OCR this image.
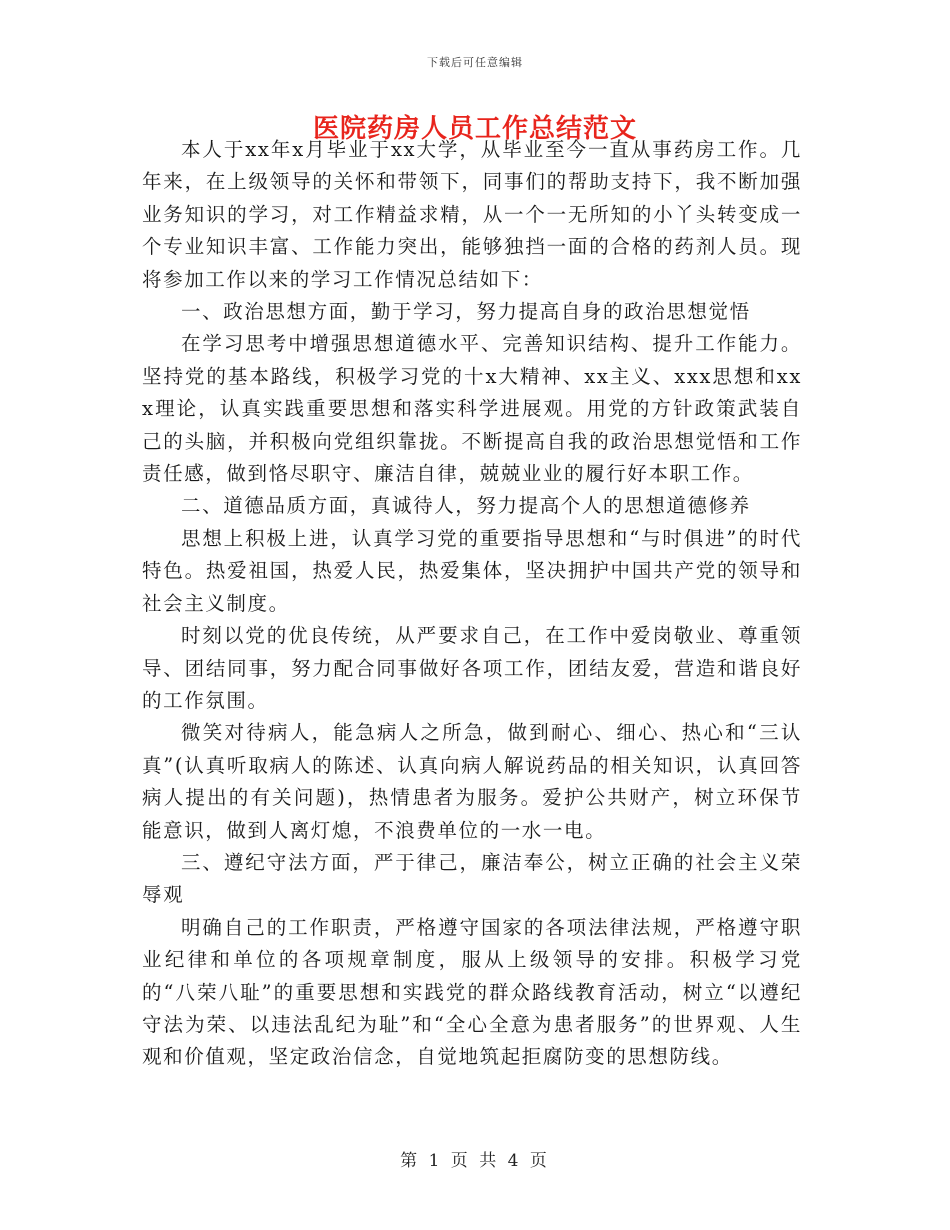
下载后可任意编辑
医院药房人员工作总结范文

本人于xx年x月毕业于xx大学，从毕业至今一直从事药房工作。几年来，在上级领导的关怀和带领下，同事们的帮助支持下，我不断加强业务知识的学习，对工作精益求精，从一个一无所知的小丫头转变成一个专业知识丰富、工作能力突出，能够独挡一面的合格的药剂人员。现将参加工作以来的学习工作情况总结如下：

一、政治思想方面，勤于学习，努力提高自身的政治思想觉悟

在学习思考中增强思想道德水平、完善知识结构、提升工作能力。坚持党的基本路线，积极学习党的十x大精神、xx主义、xxx思想和xxx理论，认真实践重要思想和落实科学进展观。用党的方针政策武装自己的头脑，并积极向党组织靠拢。不断提高自我的政治思想觉悟和工作责任感，做到恪尽职守、廉洁自律，兢兢业业的履行好本职工作。

二、道德品质方面，真诚待人，努力提高个人的思想道德修养

思想上积极上进，认真学习党的重要指导思想和“与时俱进”的时代特色。热爱祖国，热爱人民，热爱集体，坚决拥护中国共产党的领导和社会主义制度。

时刻以党的优良传统，从严要求自己，在工作中爱岗敬业、尊重领导、团结同事，努力配合同事做好各项工作，团结友爱，营造和谐良好的工作氛围。

微笑对待病人，能急病人之所急，做到耐心、细心、热心和“三认真”(认真听取病人的陈述、认真向病人解说药品的相关知识，认真回答病人提出的有关问题)，热情患者为服务。爱护公共财产，树立环保节能意识，做到人离灯熄，不浪费单位的一水一电。

三、遵纪守法方面，严于律己，廉洁奉公，树立正确的社会主义荣辱观

明确自己的工作职责，严格遵守国家的各项法律法规，严格遵守职业纪律和单位的各项规章制度，服从上级领导的安排。积极学习党的“八荣八耻”的重要思想和实践党的群众路线教育活动，树立“以遵纪守法为荣、以违法乱纪为耻”和“全心全意为患者服务”的世界观、人生观和价值观，坚定政治信念，自觉地筑起拒腐防变的思想防线。

第 1 页 共 4 页
